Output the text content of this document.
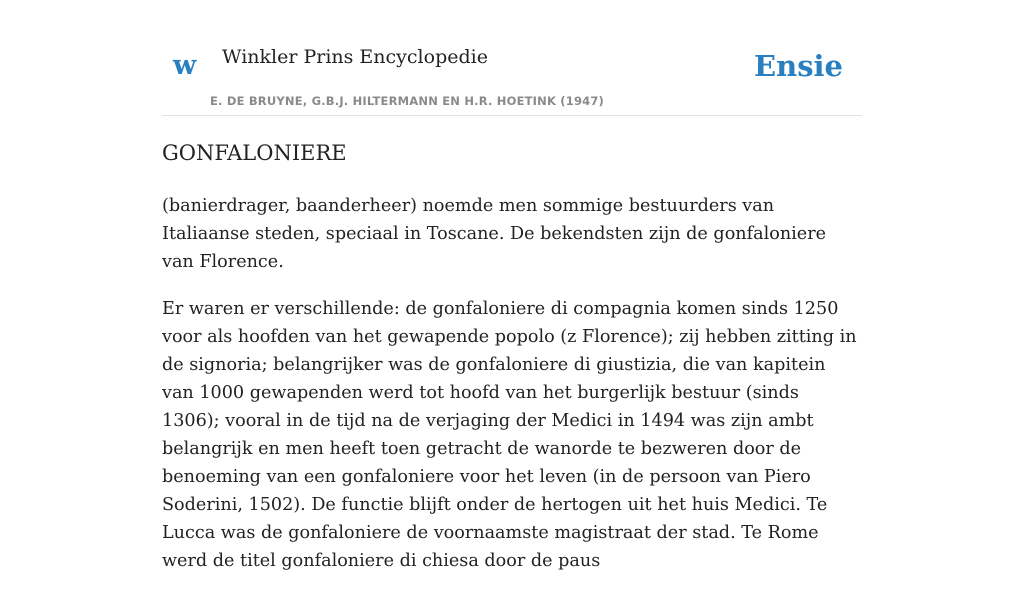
w Winkler Prins Encyclopedie
E. DE BRUYNE, G.B.J. HILTERMANN EN H.R. HOETINK (1947)
Ensie
GONFALONIERE

(banierdrager, baanderheer) noemde men sommige bestuurders van Italiaanse steden, speciaal in Toscane. De bekendsten zijn de gonfaloniere van Florence.

Er waren er verschillende: de gonfaloniere di compagnia komen sinds 1250 voor als hoofden van het gewapende popolo (z Florence); zij hebben zitting in de signoria; belangrijker was de gonfaloniere di giustizia, die van kapitein van 1000 gewapenden werd tot hoofd van het burgerlijk bestuur (sinds 1306); vooral in de tijd na de verjaging der Medici in 1494 was zijn ambt belangrijk en men heeft toen getracht de wanorde te bezweren door de benoeming van een gonfaloniere voor het leven (in de persoon van Piero Soderini, 1502). De functie blijft onder de hertogen uit het huis Medici. Te Lucca was de gonfaloniere de voornaamste magistraat der stad. Te Rome werd de titel gonfaloniere di chiesa door de paus
